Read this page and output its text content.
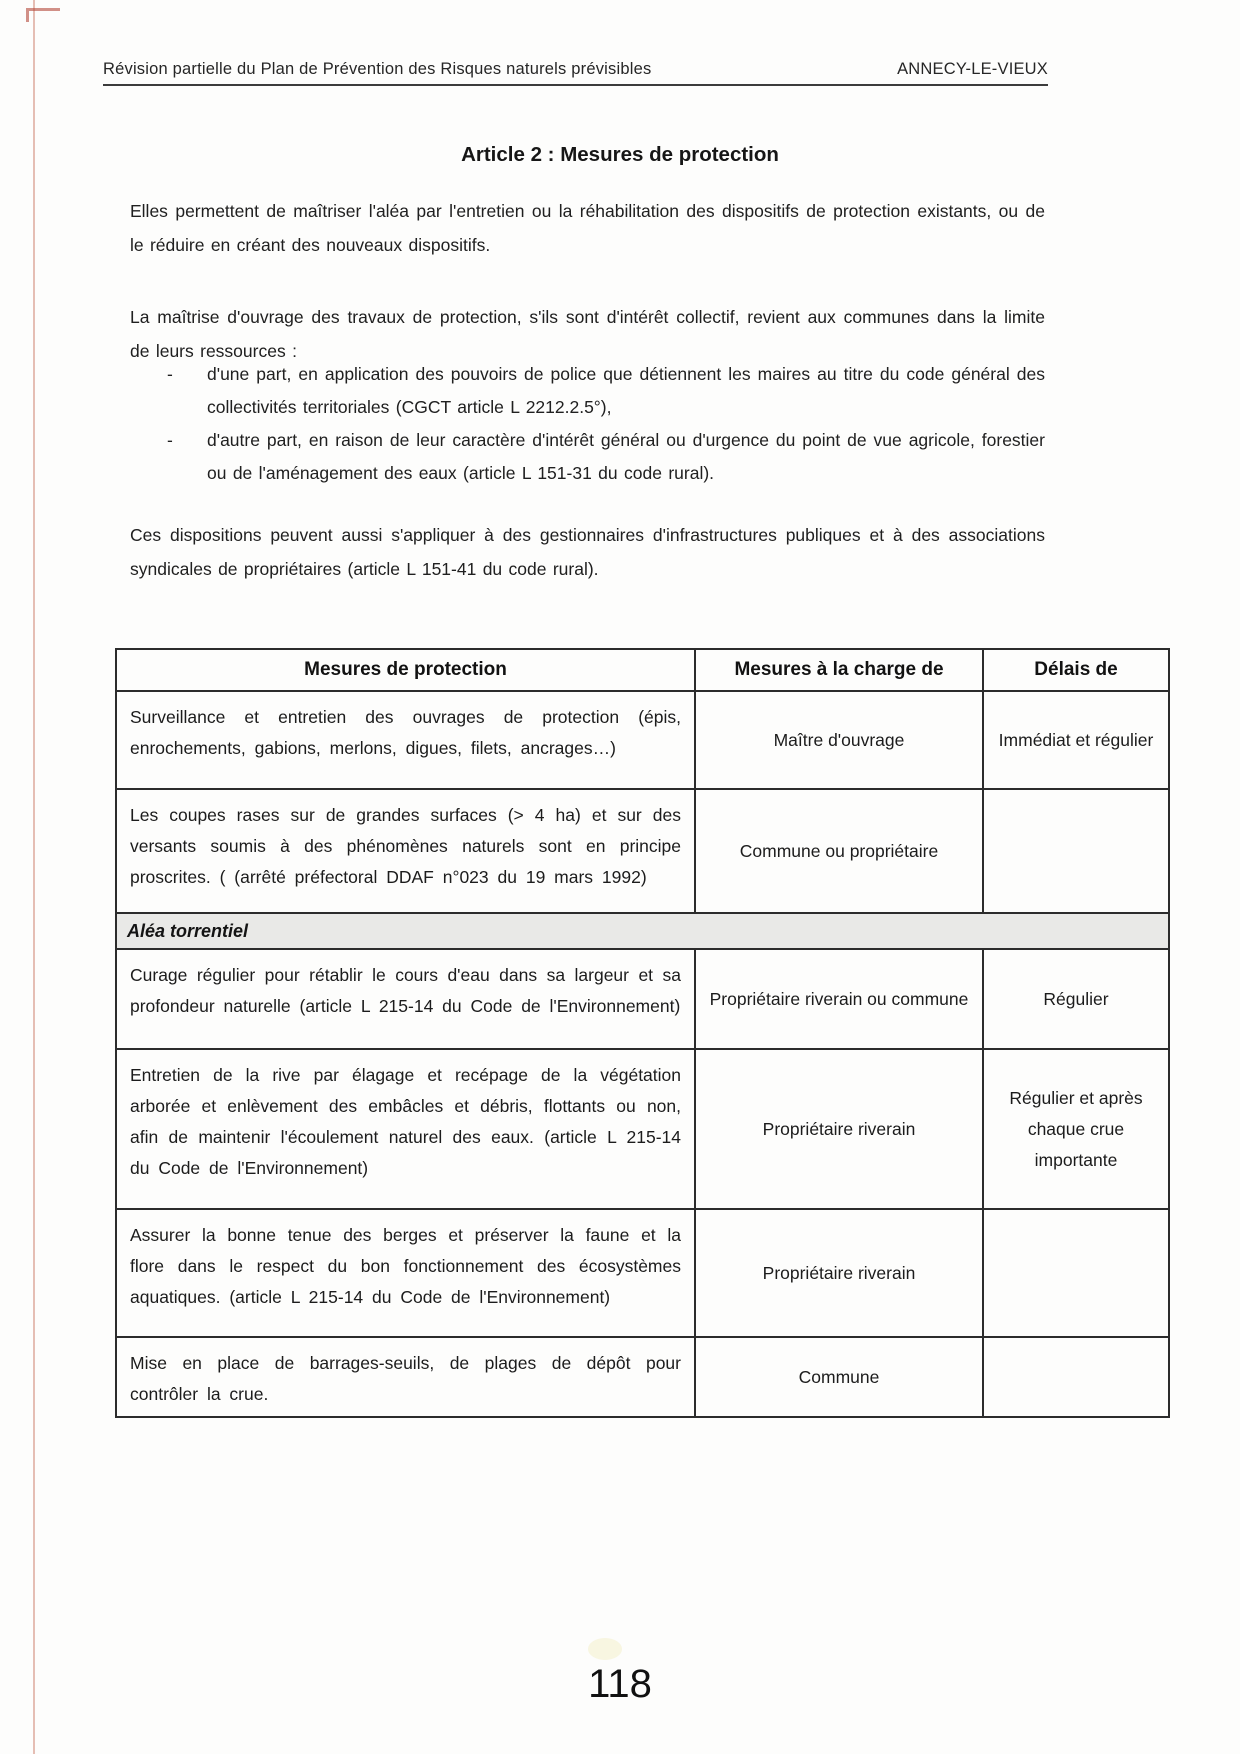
Révision partielle du Plan de Prévention des Risques naturels prévisibles	ANNECY-LE-VIEUX
Article 2 : Mesures de protection

Elles permettent de maîtriser l'aléa par l'entretien ou la réhabilitation des dispositifs de protection existants, ou de le réduire en créant des nouveaux dispositifs.

La maîtrise d'ouvrage des travaux de protection, s'ils sont d'intérêt collectif, revient aux communes dans la limite de leurs ressources :

-	d'une part, en application des pouvoirs de police que détiennent les maires au titre du code général des collectivités territoriales (CGCT article L 2212.2.5°),
-	d'autre part, en raison de leur caractère d'intérêt général ou d'urgence du point de vue agricole, forestier ou de l'aménagement des eaux (article L 151-31 du code rural).

Ces dispositions peuvent aussi s'appliquer à des gestionnaires d'infrastructures publiques et à des associations syndicales de propriétaires (article L 151-41 du code rural).

Mesures de protection	Mesures à la charge de	Délais de
Surveillance et entretien des ouvrages de protection (épis, enrochements, gabions, merlons, digues, filets, ancrages…)	Maître d'ouvrage	Immédiat et régulier
Les coupes rases sur de grandes surfaces (> 4 ha) et sur des versants soumis à des phénomènes naturels sont en principe proscrites. ( (arrêté préfectoral DDAF n°023 du 19 mars 1992)	Commune ou propriétaire	
Aléa torrentiel		
Curage régulier pour rétablir le cours d'eau dans sa largeur et sa profondeur naturelle (article L 215-14 du Code de l'Environnement)	Propriétaire riverain ou commune	Régulier
Entretien de la rive par élagage et recépage de la végétation arborée et enlèvement des embâcles et débris, flottants ou non, afin de maintenir l'écoulement naturel des eaux. (article L 215-14 du Code de l'Environnement)	Propriétaire riverain	Régulier et après chaque crue importante
Assurer la bonne tenue des berges et préserver la faune et la flore dans le respect du bon fonctionnement des écosystèmes aquatiques. (article L 215-14 du Code de l'Environnement)	Propriétaire riverain	
Mise en place de barrages-seuils, de plages de dépôt pour contrôler la crue.	Commune	
118
